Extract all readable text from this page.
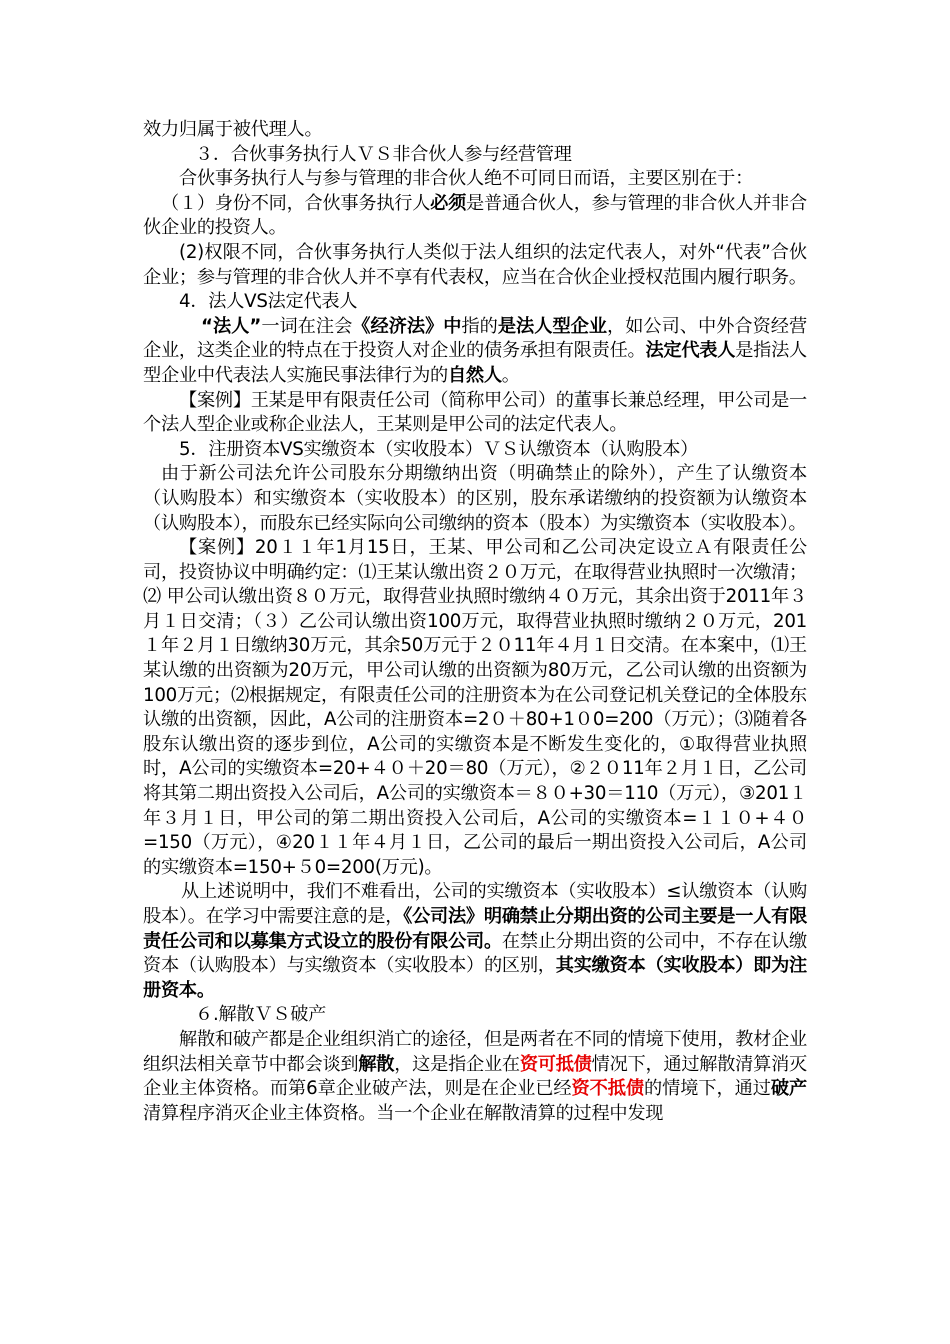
效力归属于被代理人。

３．合伙事务执行人ＶＳ非合伙人参与经营管理

合伙事务执行人与参与管理的非合伙人绝不可同日而语，主要区别在于：

（１）身份不同，合伙事务执行人必须是普通合伙人，参与管理的非合伙人并非合伙企业的投资人。

(2)权限不同，合伙事务执行人类似于法人组织的法定代表人，对外“代表”合伙企业；参与管理的非合伙人并不享有代表权，应当在合伙企业授权范围内履行职务。

4．法人VS法定代表人

“法人”一词在注会《经济法》中指的是法人型企业，如公司、中外合资经营企业，这类企业的特点在于投资人对企业的债务承担有限责任。法定代表人是指法人型企业中代表法人实施民事法律行为的自然人。

【案例】王某是甲有限责任公司（简称甲公司）的董事长兼总经理，甲公司是一个法人型企业或称企业法人，王某则是甲公司的法定代表人。

5．注册资本VS实缴资本（实收股本）ＶＳ认缴资本（认购股本）

由于新公司法允许公司股东分期缴纳出资（明确禁止的除外），产生了认缴资本（认购股本）和实缴资本（实收股本）的区别，股东承诺缴纳的投资额为认缴资本（认购股本），而股东已经实际向公司缴纳的资本（股本）为实缴资本（实收股本）。

【案例】20１１年1月15日，王某、甲公司和乙公司决定设立Ａ有限责任公司，投资协议中明确约定：⑴王某认缴出资２０万元，在取得营业执照时一次缴清；⑵ 甲公司认缴出资８０万元，取得营业执照时缴纳４０万元，其余出资于2011年３月１日交清；（３）乙公司认缴出资100万元，取得营业执照时缴纳２０万元，201１年２月１日缴纳30万元，其余50万元于２０11年４月１日交清。在本案中，⑴王某认缴的出资额为20万元，甲公司认缴的出资额为80万元，乙公司认缴的出资额为100万元；⑵根据规定，有限责任公司的注册资本为在公司登记机关登记的全体股东认缴的出资额，因此，A公司的注册资本=2０＋80+1０0=200（万元）；⑶随着各股东认缴出资的逐步到位，A公司的实缴资本是不断发生变化的，①取得营业执照时，A公司的实缴资本=20+４０＋20＝80（万元），②２０11年２月１日，乙公司将其第二期出资投入公司后，A公司的实缴资本＝８０+30＝110（万元），③201１年３月１日，甲公司的第二期出资投入公司后，A公司的实缴资本=１１０+４０=150（万元），④20１１年４月１日，乙公司的最后一期出资投入公司后，A公司的实缴资本=150+５0=200(万元)。

从上述说明中，我们不难看出，公司的实缴资本（实收股本）≤认缴资本（认购股本）。在学习中需要注意的是，《公司法》明确禁止分期出资的公司主要是一人有限责任公司和以募集方式设立的股份有限公司。在禁止分期出资的公司中，不存在认缴资本（认购股本）与实缴资本（实收股本）的区别，其实缴资本（实收股本）即为注册资本。

６.解散ＶＳ破产

解散和破产都是企业组织消亡的途径，但是两者在不同的情境下使用，教材企业组织法相关章节中都会谈到解散，这是指企业在资可抵债情况下，通过解散清算消灭企业主体资格。而第6章企业破产法，则是在企业已经资不抵债的情境下，通过破产清算程序消灭企业主体资格。当一个企业在解散清算的过程中发现
